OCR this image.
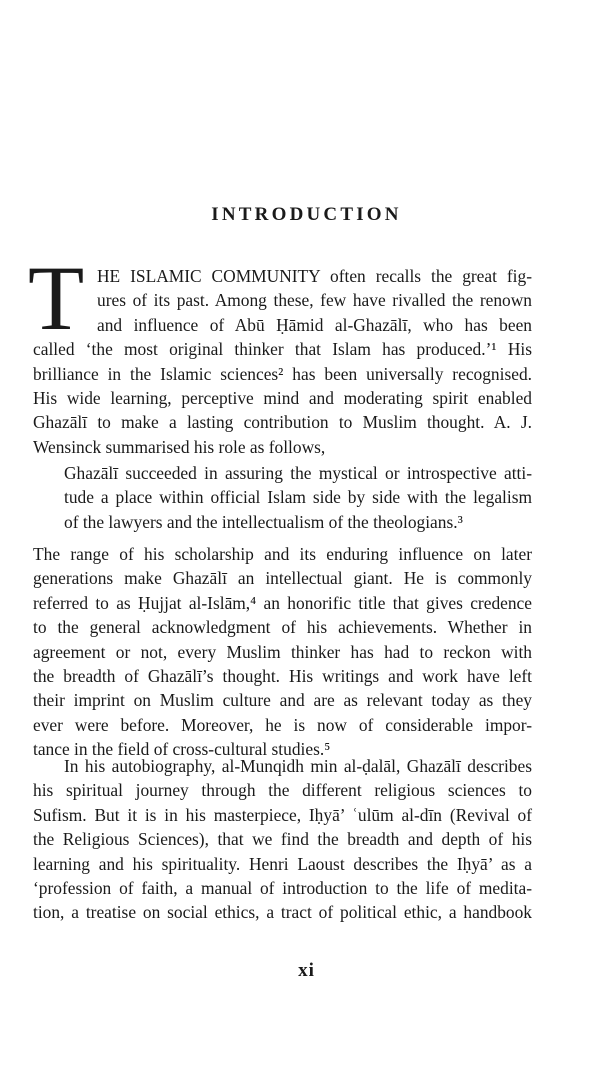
INTRODUCTION
T HE ISLAMIC COMMUNITY often recalls the great fig-
ures of its past. Among these, few have rivalled the renown
and influence of Abū Ḥāmid al-Ghazālī, who has been
called ‘the most original thinker that Islam has produced.’¹ His
brilliance in the Islamic sciences² has been universally recognised.
His wide learning, perceptive mind and moderating spirit enabled
Ghazālī to make a lasting contribution to Muslim thought. A. J.
Wensinck summarised his role as follows,
Ghazālī succeeded in assuring the mystical or introspective atti-
tude a place within official Islam side by side with the legalism
of the lawyers and the intellectualism of the theologians.³
The range of his scholarship and its enduring influence on later
generations make Ghazālī an intellectual giant. He is commonly
referred to as Ḥujjat al-Islām,⁴ an honorific title that gives credence
to the general acknowledgment of his achievements. Whether in
agreement or not, every Muslim thinker has had to reckon with
the breadth of Ghazālī’s thought. His writings and work have left
their imprint on Muslim culture and are as relevant today as they
ever were before. Moreover, he is now of considerable impor-
tance in the field of cross-cultural studies.⁵
In his autobiography, al-Munqidh min al-ḍalāl, Ghazālī describes
his spiritual journey through the different religious sciences to
Sufism. But it is in his masterpiece, Iḥyā’ ʿulūm al-dīn (Revival of
the Religious Sciences), that we find the breadth and depth of his
learning and his spirituality. Henri Laoust describes the Iḥyā’ as a
‘profession of faith, a manual of introduction to the life of medita-
tion, a treatise on social ethics, a tract of political ethic, a handbook
xi
